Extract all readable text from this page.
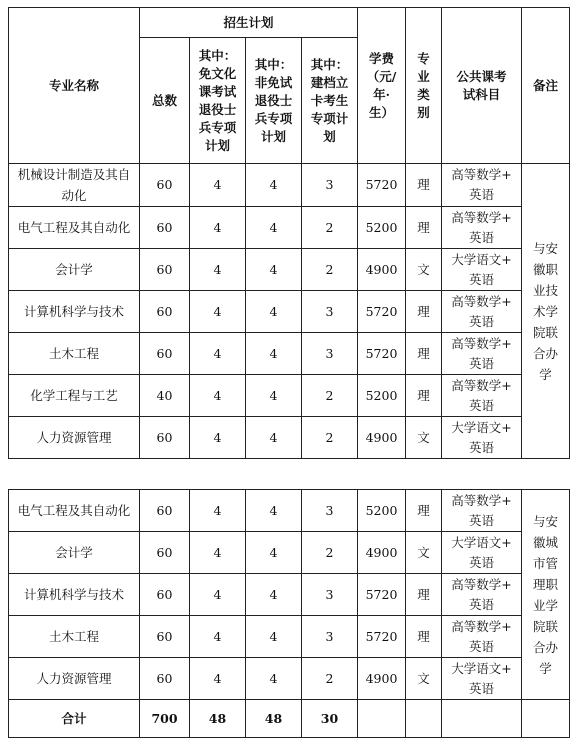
专业名称	招生计划				学费（元/年·生）	专业类别	公共课考试科目	备注
	总数	其中：免文化课考试退役士兵专项计划	其中：非免试退役士兵专项计划	其中：建档立卡考生专项计划				

机械设计制造及其自动化	60	4	4	3	5720	理	高等数学+
英语	与安徽职业技术学院联合办学

电气工程及其自动化	60	4	4	2	5200	理	高等数学+
英语	

会计学	60	4	4	2	4900	文	大学语文+
英语	

计算机科学与技术	60	4	4	3	5720	理	高等数学+
英语	

土木工程	60	4	4	3	5720	理	高等数学+
英语	

化学工程与工艺	40	4	4	2	5200	理	高等数学+
英语	

人力资源管理	60	4	4	2	4900	文	大学语文+
英语	
电气工程及其自动化	60	4	4	3	5200	理	高等数学+
英语	与安徽城市管理职业学院联合办学

会计学	60	4	4	2	4900	文	大学语文+
英语	

计算机科学与技术	60	4	4	3	5720	理	高等数学+
英语	

土木工程	60	4	4	3	5720	理	高等数学+
英语	

人力资源管理	60	4	4	2	4900	文	大学语文+
英语	

合计	700	48	48	30				
